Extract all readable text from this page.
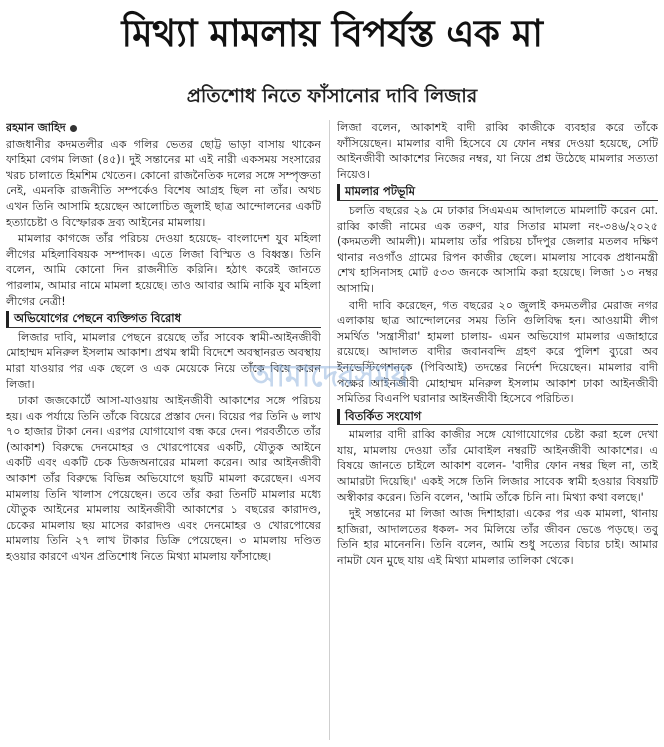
মিথ্যা মামলায় বিপর্যস্ত এক মা
প্রতিশোধ নিতে ফাঁসানোর দাবি লিজার

রহমান জাহিদ

রাজধানীর কদমতলীর এক গলির ভেতর ছোট্ট ভাড়া বাসায় থাকেন ফাহিমা বেগম লিজা (৪৫)। দুই সন্তানের মা এই নারী একসময় সংসারের খরচ চালাতে হিমশিম খেতেন। কোনো রাজনৈতিক দলের সঙ্গে সম্পৃক্ততা নেই, এমনকি রাজনীতি সম্পর্কেও বিশেষ আগ্রহ ছিল না তাঁর। অথচ এখন তিনি আসামি হয়েছেন আলোচিত জুলাই ছাত্র আন্দোলনের একটি হত্যাচেষ্টা ও বিস্ফোরক দ্রব্য আইনের মামলায়।

মামলার কাগজে তাঁর পরিচয় দেওয়া হয়েছে- বাংলাদেশ যুব মহিলা লীগের মহিলাবিষয়ক সম্পাদক। এতে লিজা বিস্মিত ও বিধ্বস্ত। তিনি বলেন, আমি কোনো দিন রাজনীতি করিনি। হঠাৎ করেই জানতে পারলাম, আমার নামে মামলা হয়েছে। তাও আবার আমি নাকি যুব মহিলা লীগের নেত্রী!

অভিযোগের পেছনে ব্যক্তিগত বিরোধ

লিজার দাবি, মামলার পেছনে রয়েছে তাঁর সাবেক স্বামী-আইনজীবী মোহাম্মদ মনিরুল ইসলাম আকাশ। প্রথম স্বামী বিদেশে অবস্থানরত অবস্থায় মারা যাওয়ার পর এক ছেলে ও এক মেয়েকে নিয়ে তাঁকে বিয়ে করেন লিজা।

ঢাকা জজকোর্টে আসা-যাওয়ায় আইনজীবী আকাশের সঙ্গে পরিচয় হয়। এক পর্যায়ে তিনি তাঁকে বিয়েরে প্রস্তাব দেন। বিয়ের পর তিনি ৬ লাখ ৭০ হাজার টাকা নেন। এরপর যোগাযোগ বন্ধ করে দেন। পরবর্তীতে তাঁর (আকাশ) বিরুদ্ধে দেনমোহর ও খোরপোষের একটি, যৌতুক আইনে একটি এবং একটি চেক ডিজঅনারের মামলা করেন। আর আইনজীবী আকাশ তাঁর বিরুদ্ধে বিভিন্ন অভিযোগে ছয়টি মামলা করেছেন। এসব মামলায় তিনি খালাস পেয়েছেন। তবে তাঁর করা তিনটি মামলার মধ্যে যৌতুক আইনের মামলায় আইনজীবী আকাশের ১ বছরের কারাদণ্ড, চেকের মামলায় ছয় মাসের কারাদণ্ড এবং দেনমোহর ও খোরপোষের মামলায় তিনি ২৭ লাখ টাকার ডিক্রি পেয়েছেন। ৩ মামলায় দণ্ডিত হওয়ার কারণে এখন প্রতিশোধ নিতে মিথ্যা মামলায় ফাঁসাচ্ছে।

লিজা বলেন, আকাশই বাদী রাব্বি কাজীকে ব্যবহার করে তাঁকে ফাঁসিয়েছেন। মামলার বাদী হিসেবে যে ফোন নম্বর দেওয়া হয়েছে, সেটি আইনজীবী আকাশের নিজের নম্বর, যা নিয়ে প্রশ্ন উঠেছে মামলার সত্যতা নিয়েও।

মামলার পটভূমি

চলতি বছরের ২৯ মে ঢাকার সিএমএম আদালতে মামলাটি করেন মো. রাব্বি কাজী নামের এক তরুণ, যার সিতার মামলা নং-৩৪৬/২০২৫ (কদমতলী আমলী)। মামলায় তাঁর পরিচয় চাঁদপুর জেলার মতলব দক্ষিণ থানার নওগাঁও গ্রামের রিপন কাজীর ছেলে। মামলায় সাবেক প্রধানমন্ত্রী শেখ হাসিনাসহ মোট ৫৩৩ জনকে আসামি করা হয়েছে। লিজা ১৩ নম্বর আসামি।

বাদী দাবি করেছেন, গত বছরের ২০ জুলাই কদমতলীর মেরাজ নগর এলাকায় ছাত্র আন্দোলনের সময় তিনি গুলিবিদ্ধ হন। আওয়ামী লীগ সমর্থিত 'সন্ত্রাসীরা' হামলা চালায়- এমন অভিযোগ মামলার এজাহারে রয়েছে। আদালত বাদীর জবানবন্দি গ্রহণ করে পুলিশ ব্যুরো অব ইনভেস্টিগেশনকে (পিবিআই) তদন্তের নির্দেশ দিয়েছেন। মামলার বাদী পক্ষের আইনজীবী মোহাম্মদ মনিরুল ইসলাম আকাশ ঢাকা আইনজীবী সমিতির বিএনপি ঘরানার আইনজীবী হিসেবে পরিচিত।

বিতর্কিত সংযোগ

মামলার বাদী রাব্বি কাজীর সঙ্গে যোগাযোগের চেষ্টা করা হলে দেখা যায়, মামলায় দেওয়া তাঁর মোবাইল নম্বরটি আইনজীবী আকাশের। এ বিষয়ে জানতে চাইলে আকাশ বলেন- 'বাদীর ফোন নম্বর ছিল না, তাই আমারটা দিয়েছি।' একই সঙ্গে তিনি লিজার সাবেক স্বামী হওয়ার বিষয়টি অস্বীকার করেন। তিনি বলেন, 'আমি তাঁকে চিনি না। মিথ্যা কথা বলছে।'

দুই সন্তানের মা লিজা আজ দিশাহারা। একের পর এক মামলা, থানায় হাজিরা, আদালতের ধকল- সব মিলিয়ে তাঁর জীবন ভেঙে পড়ছে। তবু তিনি হার মানেননি। তিনি বলেন, আমি শুধু সত্যের বিচার চাই। আমার নামটা যেন মুছে যায় এই মিথ্যা মামলার তালিকা থেকে।

আমাদেরসময়
